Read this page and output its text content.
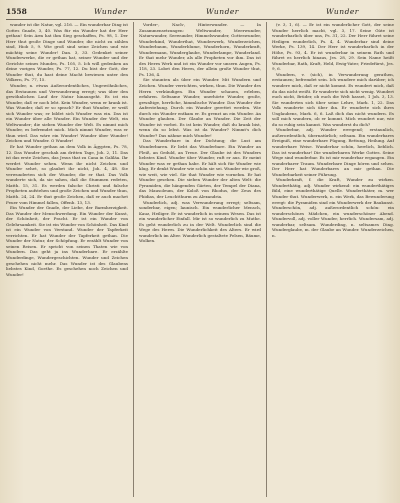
1558	Wunder	Wunder	Wunder

wunder ist die Natur, vgl. 216. — Ein wunderbar Ding ist Gottes Gnade, 3, 40. Was für ein Wunder hat der Herr gethan! Sein Arm hat ihm Sieg geschaffen, Ps. 98, 1. Der Herr thut große Dinge und Wunder, die nicht zu zählen sind, Hiob 5, 9. Wie groß sind seine Zeichen und wie mächtig seine Wunder! Dan. 3, 33. Gedenket seiner Wunderwerke, die er gethan hat, seiner Wunder und der Gerichte seines Mundes, Ps. 105, 5. Ich will gedenken an deine vorigen Wunder, Ps. 77, 12. Du bist der Gott, der Wunder thut, du hast deine Macht bewiesen unter den Völkern, Ps. 77, 15.

Wunder, n. etwas Außerordentliches, Ungewöhnliches, das Erstaunen und Verwunderung erregt; was über den gewöhnlichen Lauf der Natur hinausgeht. Es ist ein Wunder, daß er noch lebt. Kein Wunder, wenn er krank ist. Was Wunder, daß er so sprach? Er thut Wunder, er weiß sich Wunder was; er bildet sich Wunder was ein. Das ist ein Wunder über alle Wunder. Ein Wunder der Welt, ein Weltwunder; die sieben Wunder der Welt. Es nimmt mich Wunder, es befremdet mich. Mich nimmt Wunder, was er thun wird. Das wäre ein Wunder! Wunder über Wunder! Zeichen und Wunder. O Wunder!

Er hat Wunder gethan an dem Volk in Ägypten, Ps. 78, 12. Das Wunder geschah am dritten Tage, Joh. 2, 11. Das ist das erste Zeichen, das Jesus that zu Cana in Galiläa. Ihr werdet Wunder sehen. Wenn ihr nicht Zeichen und Wunder sehet, so glaubet ihr nicht, Joh. 4, 48. Sie verwunderten sich der Wunder, die er that. Das Volk wunderte sich, da sie sahen, daß die Stummen redeten, Matth. 15, 31. Es werden falsche Christi und falsche Propheten aufstehen und große Zeichen und Wunder thun, Matth. 24, 24. Er thut große Zeichen, daß er auch machet Feuer vom Himmel fallen, Offenb. 13, 13.

Ein Wunder der Gnade, der Liebe, der Barmherzigkeit. Das Wunder der Menschwerdung. Ein Wunder der Kunst, der Schönheit, der Pracht. Er ist ein Wunder von Gelehrsamkeit. Sie ist ein Wunder von Schönheit. Das Kind ist ein Wunder von Verstand. Wunder der Tapferkeit verrichten. Er hat Wunder der Tapferkeit gethan. Die Wunder der Natur, der Schöpfung. Er erzählt Wunder von seinen Reisen. Er spricht von seinen Thaten wie von Wundern. Das geht ja ins Wunderbare. Er erzählte Wunderdinge, Wundergeschichten. Wunder und Zeichen geschehen nicht mehr. Das Wunder ist des Glaubens liebstes Kind, Goethe. Es geschehen noch Zeichen und Wunder!

Vorder-, Nach-, Hinterwunder. — In Zusammensetzungen: Weltwunder, Meerwunder, Naturwunder, Seewunder, Himmelswunder, Gotteswunder, Wunderkind, Wunderthat, Wunderwerk, Wunderzeichen, Wunderbaum, Wunderblume, Wunderhorn, Wunderkraft, Wundermann, Wunderglaube, Wunderlampe, Wunderland. Er that mehr Wunder, als alle Propheten vor ihm. Das ist des Herrn Werk und ist ein Wunder vor unsern Augen, Ps. 118, 23. Lobet den Herrn, der allein große Wunder thut, Ps. 136, 4.

Sie staunten als über ein Wunder. Mit Wundern und Zeichen. Wunder verrichten, wirken, thun. Die Wunder des Herrn verkündigen. Ein Wunder schauen, erleben, erfahren. Seltsame Wunder, unerhörte Wunder, große, gewaltige, herrliche, himmlische Wunder. Das Wunder der Auferstehung. Durch ein Wunder gerettet werden. Wie durch ein Wunder entkam er. Es grenzt an ein Wunder. An Wunder glauben. Der Glaube an Wunder. Die Zeit der Wunder ist vorbei. Es ist kein Wunder, daß du krank bist, wenn du so lebst. Was ist da Wunder? Nimmt's dich Wunder? Das nähme mich Wunder!

Das Wunderbare in der Dichtung; die Lust am Wunderbaren. Er liebt das Wunderbare. Ein Wunder an Fleiß, an Geduld, an Treue. Der Glaube ist des Wunders liebstes Kind. Wunder über Wunder, ruft er aus. Er meint Wunder was er gethan habe. Er hält sich für Wunder wie klug. Er denkt Wunder wie schön sie sei. Wunder wie groß, wie weit, wie viel. Sie that Wunder wie vornehm. Er hat Wunder gesehen. Die sieben Wunder der alten Welt: die Pyramiden, die hängenden Gärten, der Tempel der Diana, das Mausoleum, der Koloß von Rhodus, der Zeus des Phidias, der Leuchtthurm zu Alexandria.

Wunderlich, adj. was Verwunderung erregt; seltsam, sonderbar, eigen; launisch. Ein wunderlicher Mensch, Kauz, Heiliger. Er ist wunderlich in seinem Wesen. Das ist ein wunderlicher Einfall. Mir ist so wunderlich zu Muthe. Es geht wunderlich zu in der Welt. Wunderlich sind die Wege des Herrn. Die Wunderlichkeit des Alters. Er wird wunderlich im Alter. Wunderlich gestaltete Felsen, Bäume, Wolken.

(v. 3, 1, 6). — Er ist ein wunderlicher Gott, der seine Wunder herrlich macht, vgl. 3, 17. Seine Güte ist wunderbarlich über uns, Ps. 31, 22. Der Herr führet seine Heiligen wunderlich, Ps. 4, 4. Wunderbar sind deine Werke, Ps. 139, 14. Der Herr ist wunderbarlich in der Höhe, Ps. 93, 4. Er ist wunderbar in seinem Rath und führet es herrlich hinaus, Jes. 28, 29. Sein Name heißt Wunderbar, Rath, Kraft, Held, Ewig-Vater, Friedefürst, Jes. 9, 6.

Wundern, v. (sich), in Verwunderung gerathen, erstaunen; befremdet sein. Ich wundere mich darüber; ich wundere mich, daß er nicht kommt. Es wundert mich, daß du das nicht weißt. Er wunderte sich nicht wenig. Wundert euch nicht, Brüder, ob euch die Welt hasset, 1 Joh. 3, 13. Sie wunderten sich über seine Lehre, Mark. 1, 22. Das Volk wunderte sich über ihn. Er wunderte sich ihres Unglaubens, Mark. 6, 6. Laß dich das nicht wundern. Es soll mich wundern, ob er kommt. Mich wundert nur, wie du so ruhig sein kannst. Was wunderst du dich?

Wunderbar, adj. Wunder erregend; erstaunlich, außerordentlich, übernatürlich; seltsam. Ein wunderbares Ereigniß, eine wunderbare Fügung, Rettung, Heilung. Auf wunderbare Weise. Wunderbar schön, herrlich, lieblich. Das ist wunderbar! Die wunderbaren Werke Gottes. Seine Wege sind wunderbar. Es ist mir wunderbar ergangen. Ein wunderbarer Traum. Wunderbare Dinge hören und sehen. Der Herr hat Wunderbares an mir gethan. Die Wunderbarkeit seiner Führung.

Wunderkraft, f. die Kraft, Wunder zu wirken. Wunderthätig, adj. Wunder wirkend: ein wunderthätiges Bild, eine wunderthätige Quelle. Wunderthäter, m. wer Wunder thut. Wunderwerk, n. ein Werk, das Bewunderung erregt: die Pyramiden sind ein Wunderwerk der Baukunst. Wunderschön, adj. außerordentlich schön: ein wunderschönes Mädchen, ein wunderschöner Abend. Wundervoll, adj. voller Wunder, herrlich. Wundersam, adj. wunderbar, seltsam. Wunderding, n. seltsames Ding. Wunderglaube, m. der Glaube an Wunder. Wunderzeichen, n.
